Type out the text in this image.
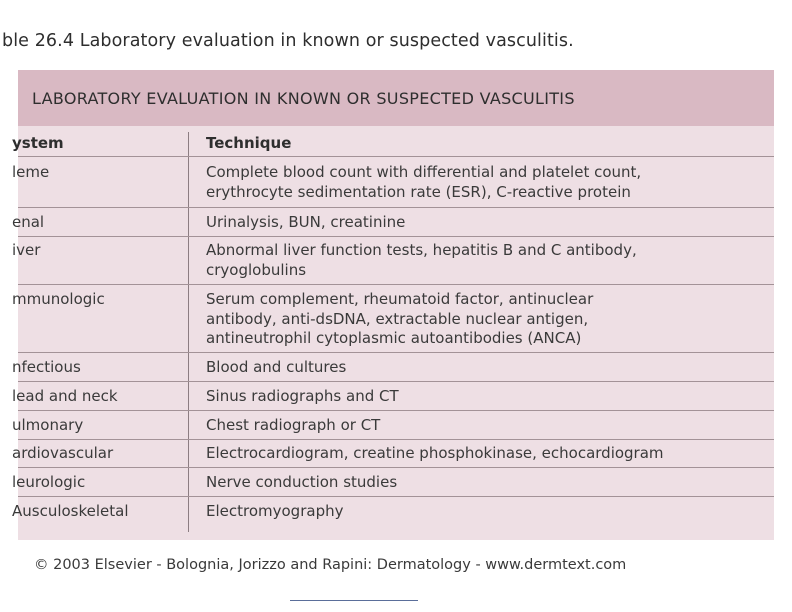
ble 26.4 Laboratory evaluation in known or suspected vasculitis.
LABORATORY EVALUATION IN KNOWN OR SUSPECTED VASCULITIS
ystem	Technique
leme	Complete blood count with differential and platelet count,
erythrocyte sedimentation rate (ESR), C-reactive protein
enal	Urinalysis, BUN, creatinine
iver	Abnormal liver function tests, hepatitis B and C antibody,
cryoglobulins
mmunologic	Serum complement, rheumatoid factor, antinuclear
antibody, anti-dsDNA, extractable nuclear antigen,
antineutrophil cytoplasmic autoantibodies (ANCA)
nfectious	Blood and cultures
lead and neck	Sinus radiographs and CT
ulmonary	Chest radiograph or CT
ardiovascular	Electrocardiogram, creatine phosphokinase, echocardiogram
leurologic	Nerve conduction studies
Ausculoskeletal	Electromyography
© 2003 Elsevier - Bolognia, Jorizzo and Rapini: Dermatology - www.dermtext.com
